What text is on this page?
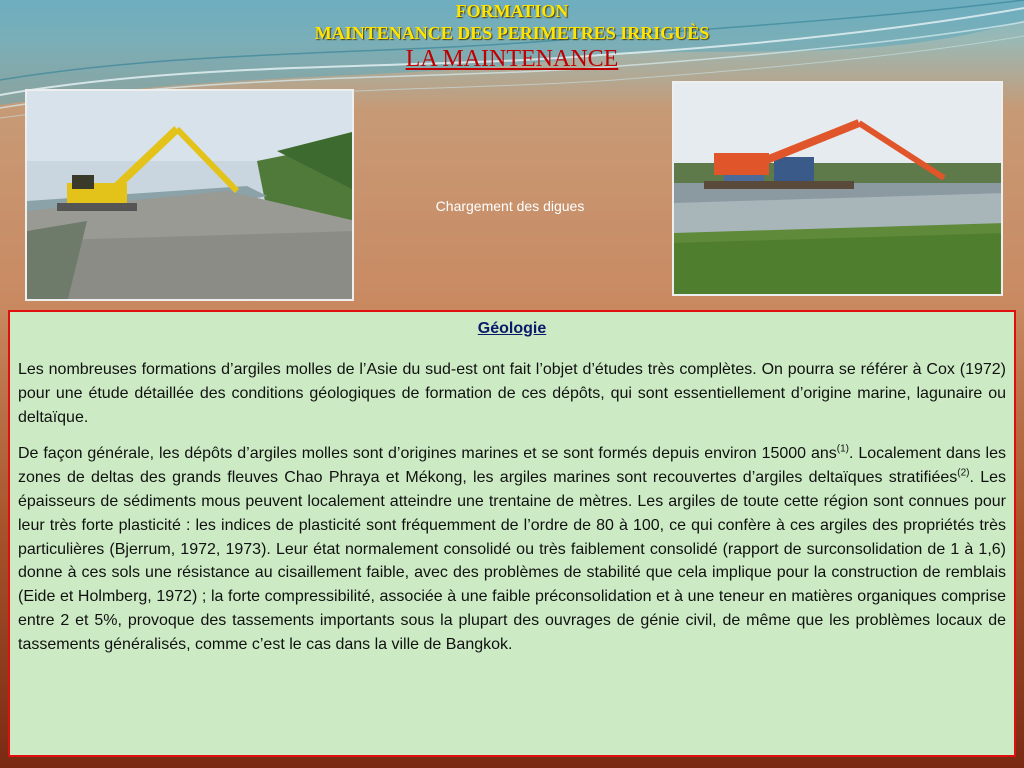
FORMATION
MAINTENANCE DES PERIMETRES IRRIGUÈS
LA MAINTENANCE
Chargement des digues
Géologie

Les nombreuses formations d’argiles molles de l’Asie du sud-est ont fait l’objet d’études très complètes. On pourra se référer à Cox (1972) pour une étude détaillée des conditions géologiques de formation de ces dépôts, qui sont essentiellement d’origine marine, lagunaire ou deltaïque.

De façon générale, les dépôts d’argiles molles sont d’origines marines et se sont formés depuis environ 15000 ans$^{(1)}$. Localement dans les zones de deltas des grands fleuves Chao Phraya et Mékong, les argiles marines sont recouvertes d’argiles deltaïques stratifiées$^{(2)}$. Les épaisseurs de sédiments mous peuvent localement atteindre une trentaine de mètres. Les argiles de toute cette région sont connues pour leur très forte plasticité : les indices de plasticité sont fréquemment de l’ordre de 80 à 100, ce qui confère à ces argiles des propriétés très particulières (Bjerrum, 1972, 1973). Leur état normalement consolidé ou très faiblement consolidé (rapport de surconsolidation de 1 à 1,6) donne à ces sols une résistance au cisaillement faible, avec des problèmes de stabilité que cela implique pour la construction de remblais (Eide et Holmberg, 1972) ; la forte compressibilité, associée à une faible préconsolidation et à une teneur en matières organiques comprise entre 2 et 5%, provoque des tassements importants sous la plupart des ouvrages de génie civil, de même que les problèmes locaux de tassements généralisés, comme c’est le cas dans la ville de Bangkok.
